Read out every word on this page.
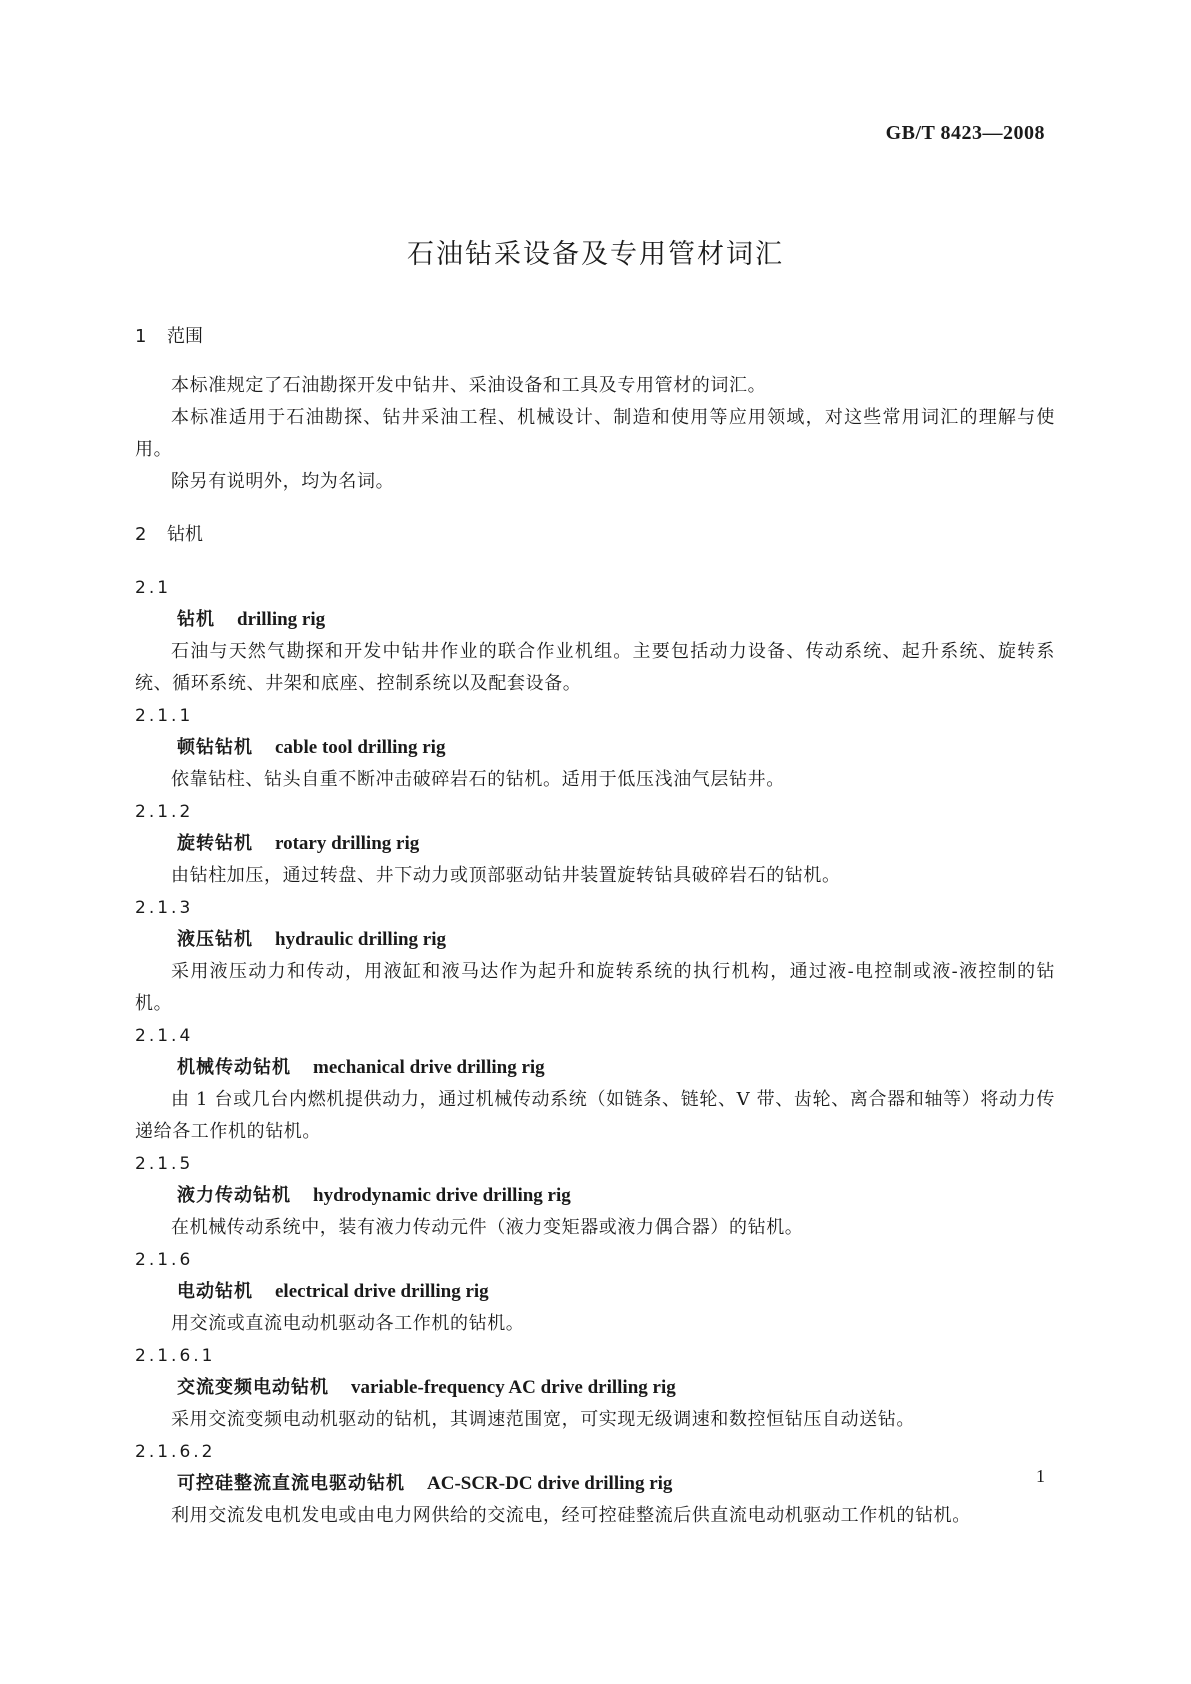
GB/T 8423—2008
石油钻采设备及专用管材词汇
1	范围

本标准规定了石油勘探开发中钻井、采油设备和工具及专用管材的词汇。

本标准适用于石油勘探、钻井采油工程、机械设计、制造和使用等应用领域，对这些常用词汇的理解与使用。

除另有说明外，均为名词。

2	钻机
2.1
钻机 drilling rig

石油与天然气勘探和开发中钻井作业的联合作业机组。主要包括动力设备、传动系统、起升系统、旋转系统、循环系统、井架和底座、控制系统以及配套设备。

2.1.1
顿钻钻机 cable tool drilling rig

依靠钻柱、钻头自重不断冲击破碎岩石的钻机。适用于低压浅油气层钻井。

2.1.2
旋转钻机 rotary drilling rig

由钻柱加压，通过转盘、井下动力或顶部驱动钻井装置旋转钻具破碎岩石的钻机。

2.1.3
液压钻机 hydraulic drilling rig

采用液压动力和传动，用液缸和液马达作为起升和旋转系统的执行机构，通过液-电控制或液-液控制的钻机。

2.1.4
机械传动钻机 mechanical drive drilling rig

由 1 台或几台内燃机提供动力，通过机械传动系统（如链条、链轮、V 带、齿轮、离合器和轴等）将动力传递给各工作机的钻机。

2.1.5
液力传动钻机 hydrodynamic drive drilling rig

在机械传动系统中，装有液力传动元件（液力变矩器或液力偶合器）的钻机。

2.1.6
电动钻机 electrical drive drilling rig

用交流或直流电动机驱动各工作机的钻机。

2.1.6.1
交流变频电动钻机 variable-frequency AC drive drilling rig

采用交流变频电动机驱动的钻机，其调速范围宽，可实现无级调速和数控恒钻压自动送钻。

2.1.6.2
可控硅整流直流电驱动钻机 AC-SCR-DC drive drilling rig

利用交流发电机发电或由电力网供给的交流电，经可控硅整流后供直流电动机驱动工作机的钻机。

1
